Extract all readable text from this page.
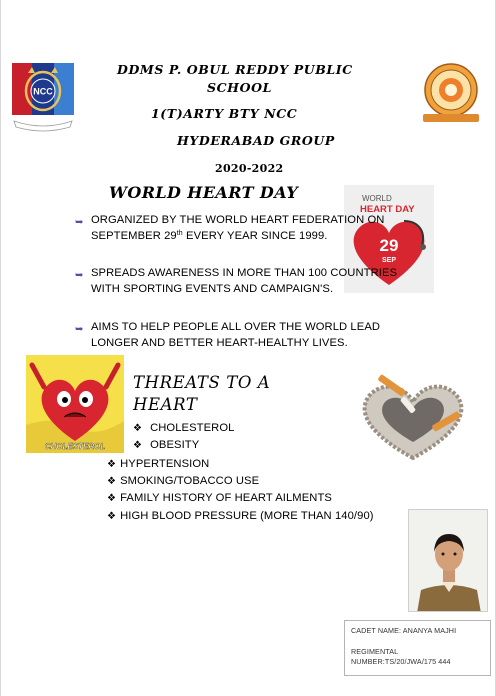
NCC
DDMS P. OBUL REDDY PUBLIC
SCHOOL
1(T)ARTY BTY NCC
HYDERABAD GROUP
2020-2022
WORLD HEART DAY	WORLD
HEART DAY
29
SEP
➥ ORGANIZED BY THE WORLD HEART FEDERATION ON SEPTEMBER 29th EVERY YEAR SINCE 1999.
➥ SPREADS AWARENESS IN MORE THAN 100 COUNTRIES WITH SPORTING EVENTS AND CAMPAIGN'S.
➥ AIMS TO HELP PEOPLE ALL OVER THE WORLD LEAD LONGER AND BETTER HEART-HEALTHY LIVES.
CHOLESTEROL
THREATS TO A
HEART
❖ CHOLESTEROL
❖ OBESITY
❖ HYPERTENSION
❖ SMOKING/TOBACCO USE
❖ FAMILY HISTORY OF HEART AILMENTS
❖ HIGH BLOOD PRESSURE (MORE THAN 140/90)
CADET NAME: ANANYA MAJHI
REGIMENTAL
NUMBER:TS/20/JWA/175 444
